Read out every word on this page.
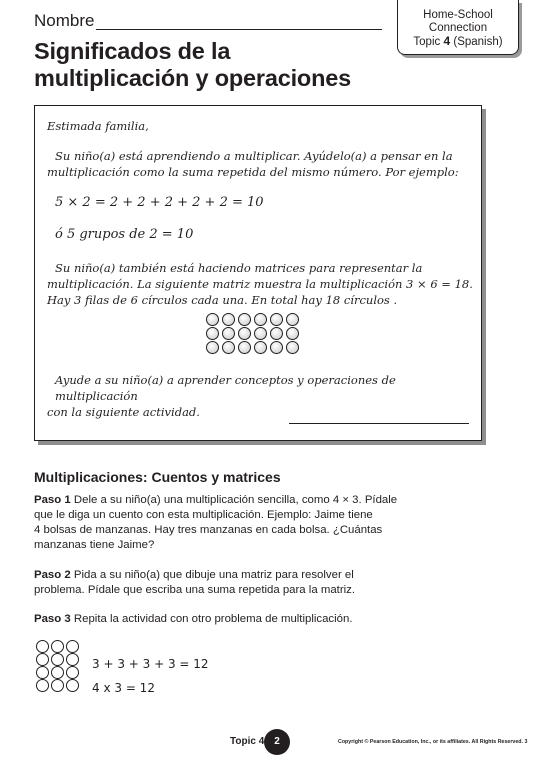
Nombre	Home-School
Connection
Topic 4 (Spanish)
Significados de la
multiplicación y operaciones
Estimada familia,
Su niño(a) está aprendiendo a multiplicar. Ayúdelo(a) a pensar en la
multiplicación como la suma repetida del mismo número. Por ejemplo:
5 × 2 = 2 + 2 + 2 + 2 + 2 = 10
ó 5 grupos de 2 = 10
Su niño(a) también está haciendo matrices para representar la
multiplicación. La siguiente matriz muestra la multiplicación 3 × 6 = 18.
Hay 3 filas de 6 círculos cada una. En total hay 18 círculos .
Ayude a su niño(a) a aprender conceptos y operaciones de multiplicación
con la siguiente actividad.
Multiplicaciones: Cuentos y matrices
Paso 1 Dele a su niño(a) una multiplicación sencilla, como 4 × 3. Pídale
que le diga un cuento con esta multiplicación. Ejemplo: Jaime tiene
4 bolsas de manzanas. Hay tres manzanas en cada bolsa. ¿Cuántas
manzanas tiene Jaime?
Paso 2 Pida a su niño(a) que dibuje una matriz para resolver el
problema. Pídale que escriba una suma repetida para la matriz.
Paso 3 Repita la actividad con otro problema de multiplicación.
3 + 3 + 3 + 3 = 12
4 x 3 = 12
Topic 4 2	Copyright © Pearson Education, Inc., or its affiliates. All Rights Reserved. 3
